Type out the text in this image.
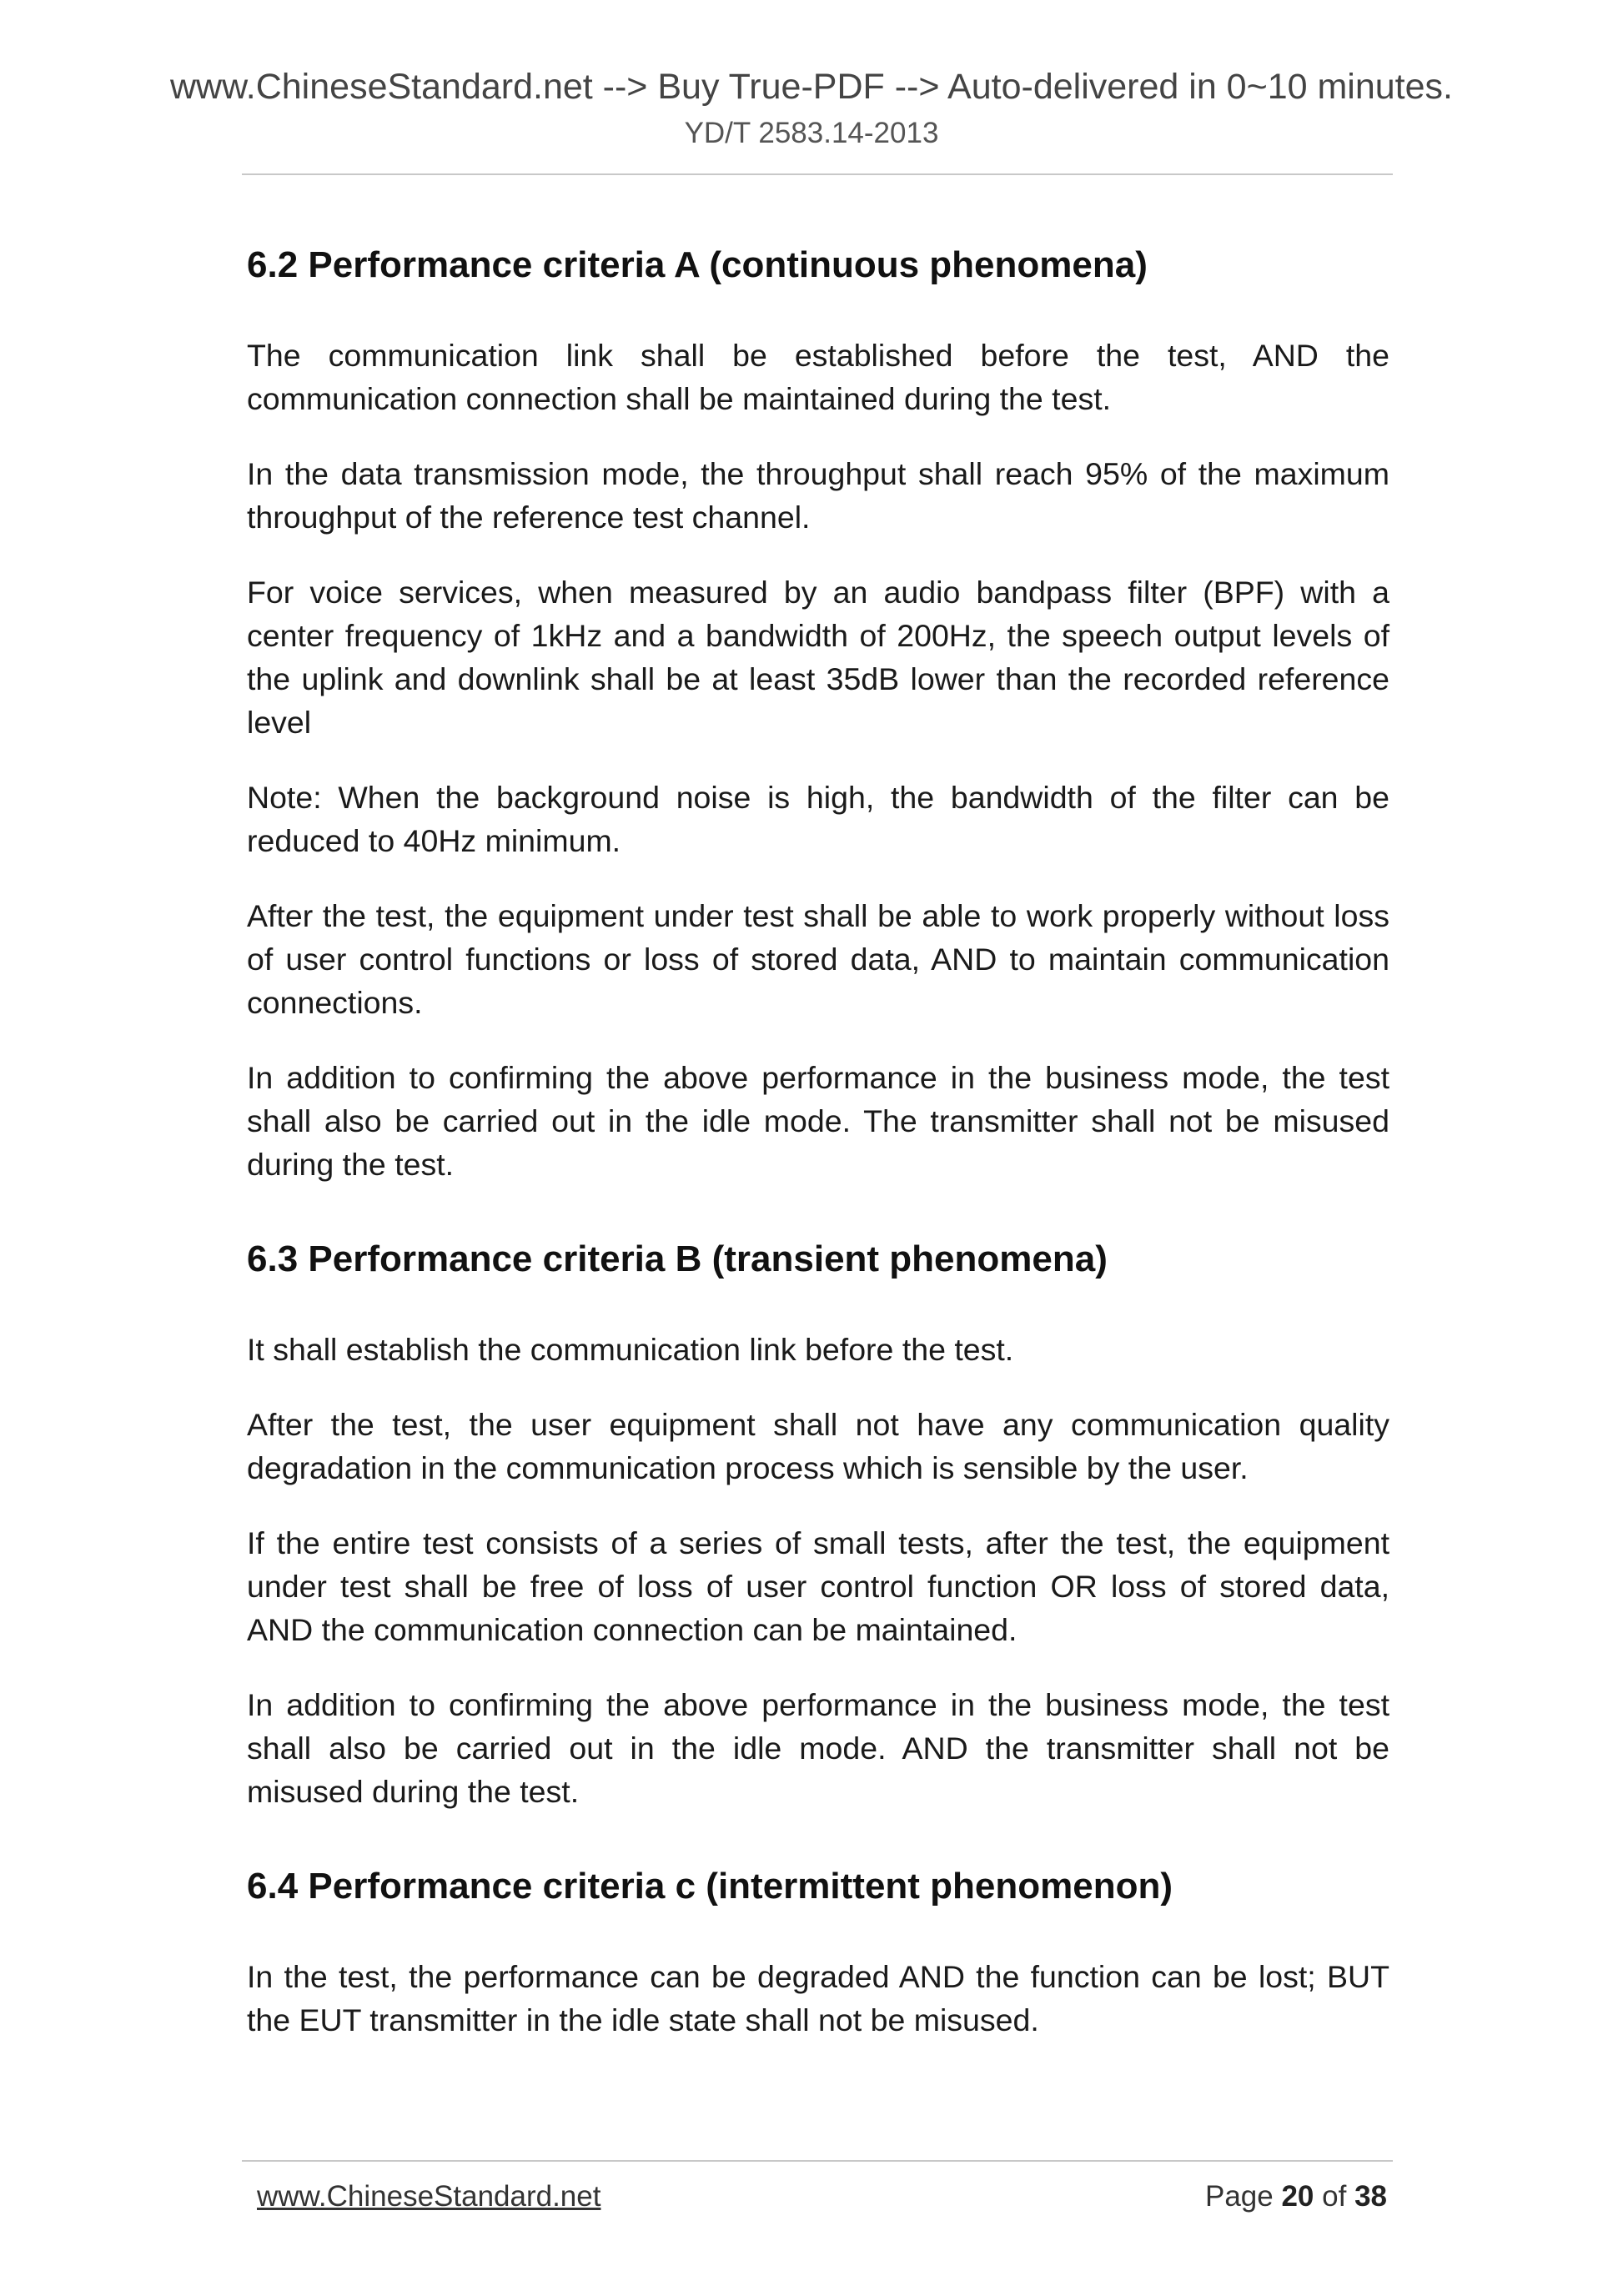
www.ChineseStandard.net --> Buy True-PDF --> Auto-delivered in 0~10 minutes.
YD/T 2583.14-2013
6.2 Performance criteria A (continuous phenomena)

The communication link shall be established before the test, AND the communication connection shall be maintained during the test.

In the data transmission mode, the throughput shall reach 95% of the maximum throughput of the reference test channel.

For voice services, when measured by an audio bandpass filter (BPF) with a center frequency of 1kHz and a bandwidth of 200Hz, the speech output levels of the uplink and downlink shall be at least 35dB lower than the recorded reference level

Note: When the background noise is high, the bandwidth of the filter can be reduced to 40Hz minimum.

After the test, the equipment under test shall be able to work properly without loss of user control functions or loss of stored data, AND to maintain communication connections.

In addition to confirming the above performance in the business mode, the test shall also be carried out in the idle mode. The transmitter shall not be misused during the test.

6.3 Performance criteria B (transient phenomena)

It shall establish the communication link before the test.

After the test, the user equipment shall not have any communication quality degradation in the communication process which is sensible by the user.

If the entire test consists of a series of small tests, after the test, the equipment under test shall be free of loss of user control function OR loss of stored data, AND the communication connection can be maintained.

In addition to confirming the above performance in the business mode, the test shall also be carried out in the idle mode. AND the transmitter shall not be misused during the test.

6.4 Performance criteria c (intermittent phenomenon)

In the test, the performance can be degraded AND the function can be lost; BUT the EUT transmitter in the idle state shall not be misused.

www.ChineseStandard.net	Page 20 of 38
